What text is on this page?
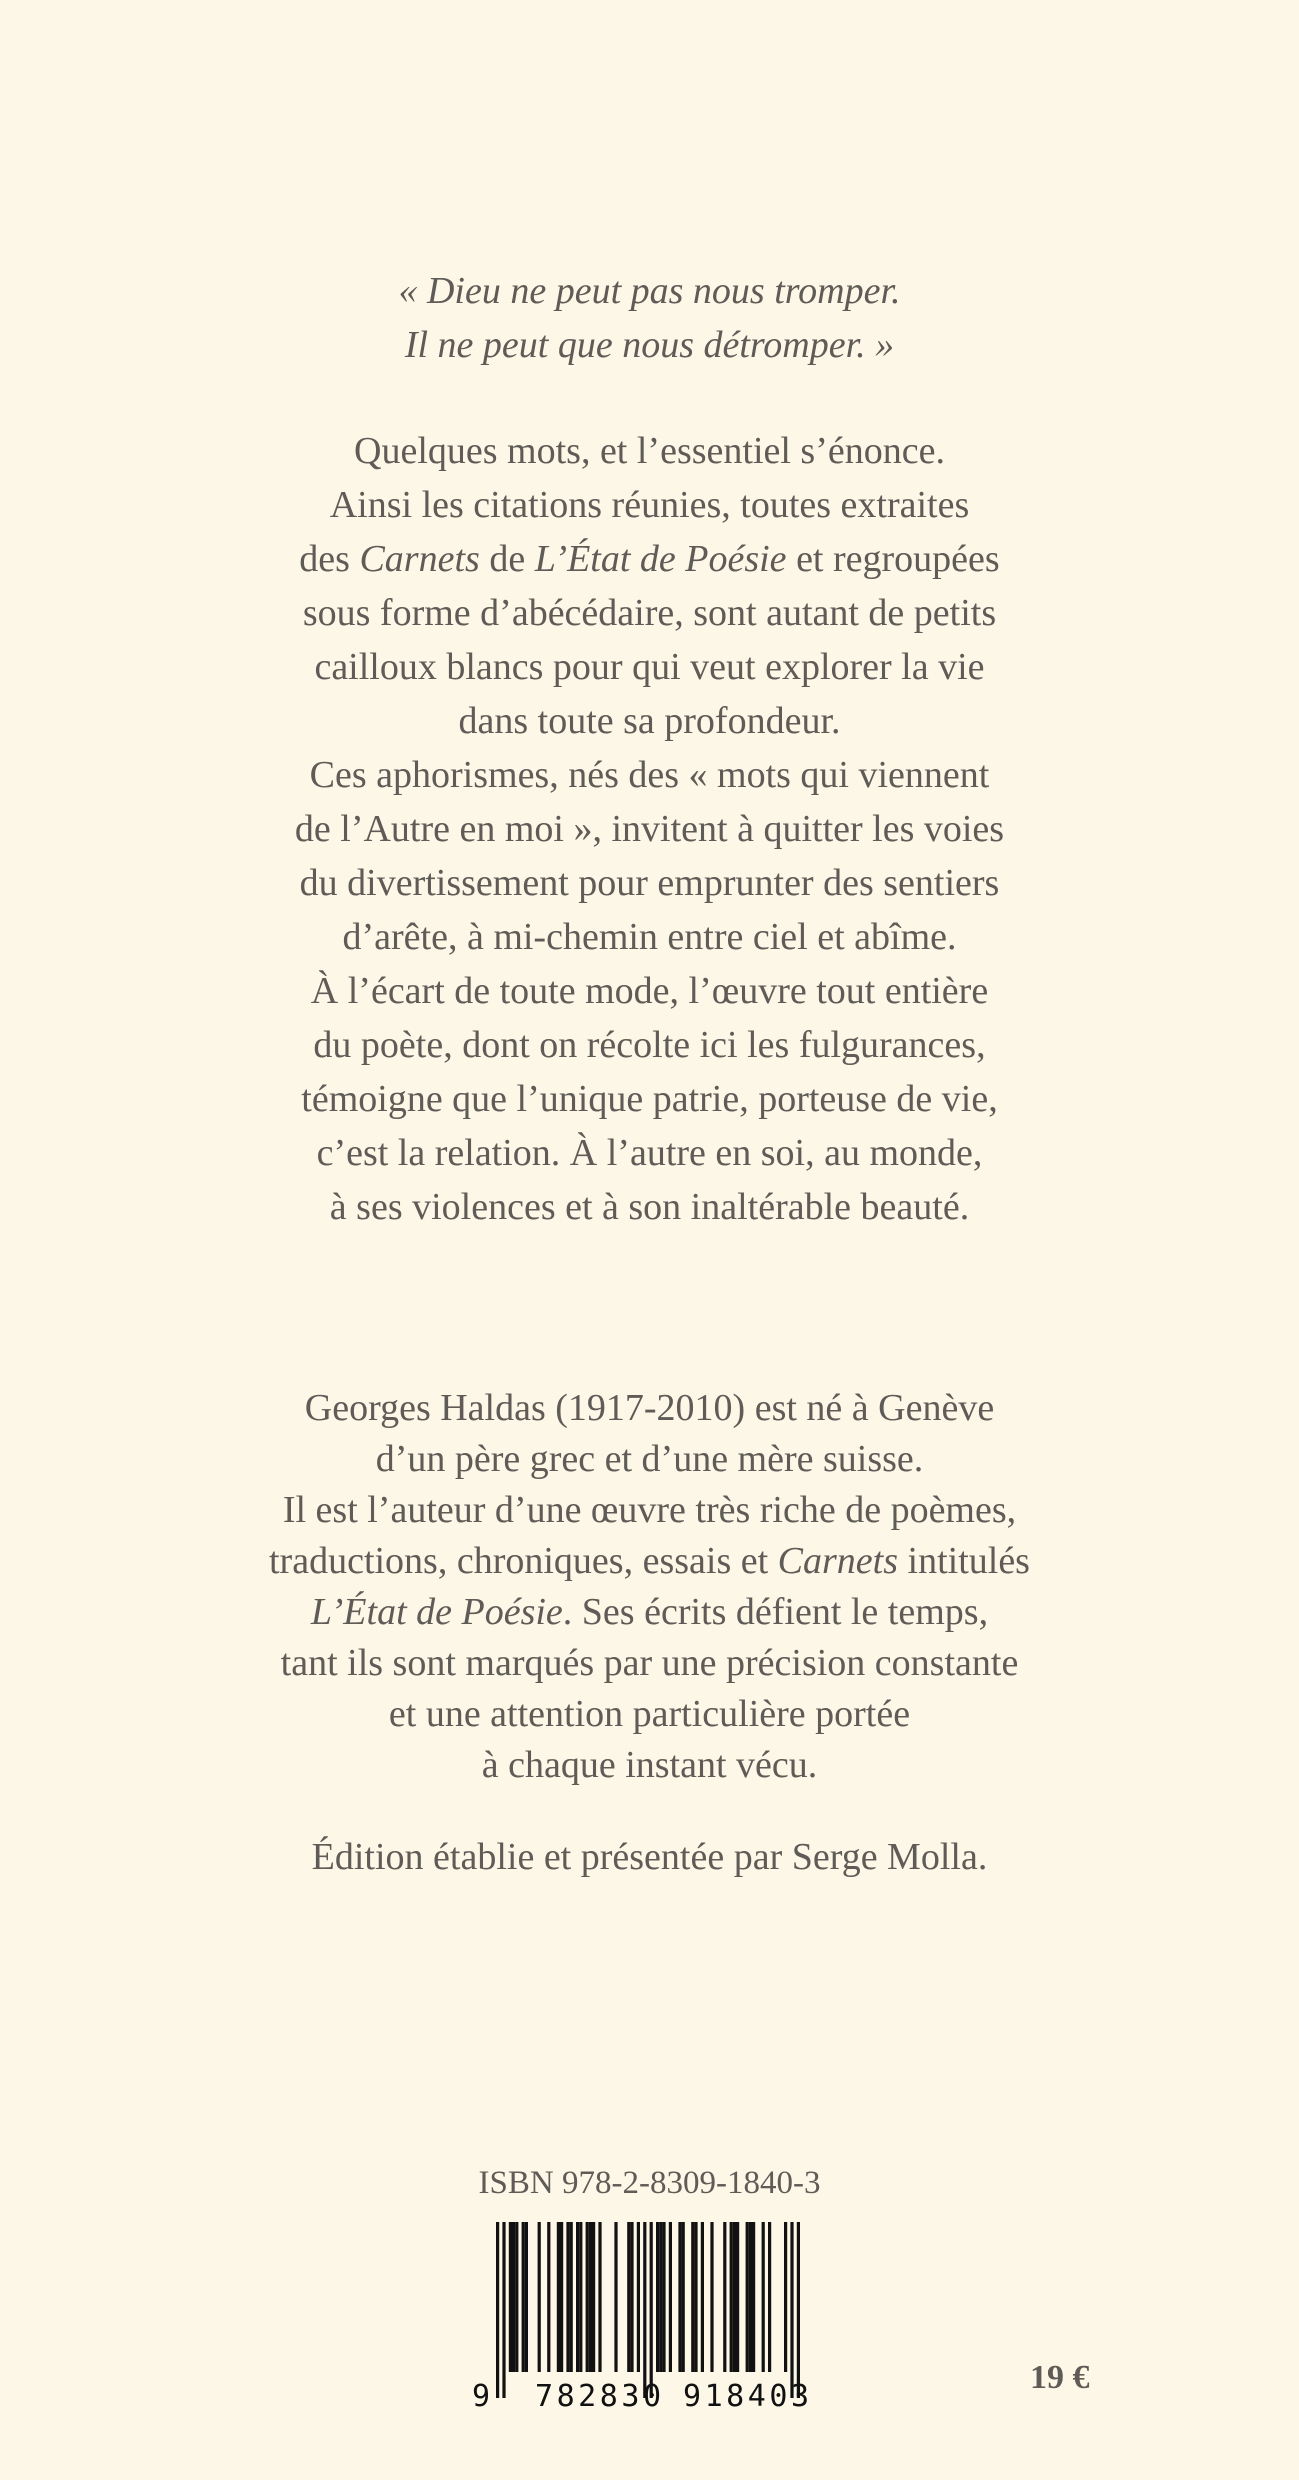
« Dieu ne peut pas nous tromper.
Il ne peut que nous détromper. »
Quelques mots, et l’essentiel s’énonce.
Ainsi les citations réunies, toutes extraites
des Carnets de L’État de Poésie et regroupées
sous forme d’abécédaire, sont autant de petits
cailloux blancs pour qui veut explorer la vie
dans toute sa profondeur.
Ces aphorismes, nés des « mots qui viennent
de l’Autre en moi », invitent à quitter les voies
du divertissement pour emprunter des sentiers
d’arête, à mi-chemin entre ciel et abîme.
À l’écart de toute mode, l’œuvre tout entière
du poète, dont on récolte ici les fulgurances,
témoigne que l’unique patrie, porteuse de vie,
c’est la relation. À l’autre en soi, au monde,
à ses violences et à son inaltérable beauté.
Georges Haldas (1917-2010) est né à Genève
d’un père grec et d’une mère suisse.
Il est l’auteur d’une œuvre très riche de poèmes,
traductions, chroniques, essais et Carnets intitulés
L’État de Poésie. Ses écrits défient le temps,
tant ils sont marqués par une précision constante
et une attention particulière portée
à chaque instant vécu.
Édition établie et présentée par Serge Molla.
ISBN 978-2-8309-1840-3
9 782830 918403
19 €
